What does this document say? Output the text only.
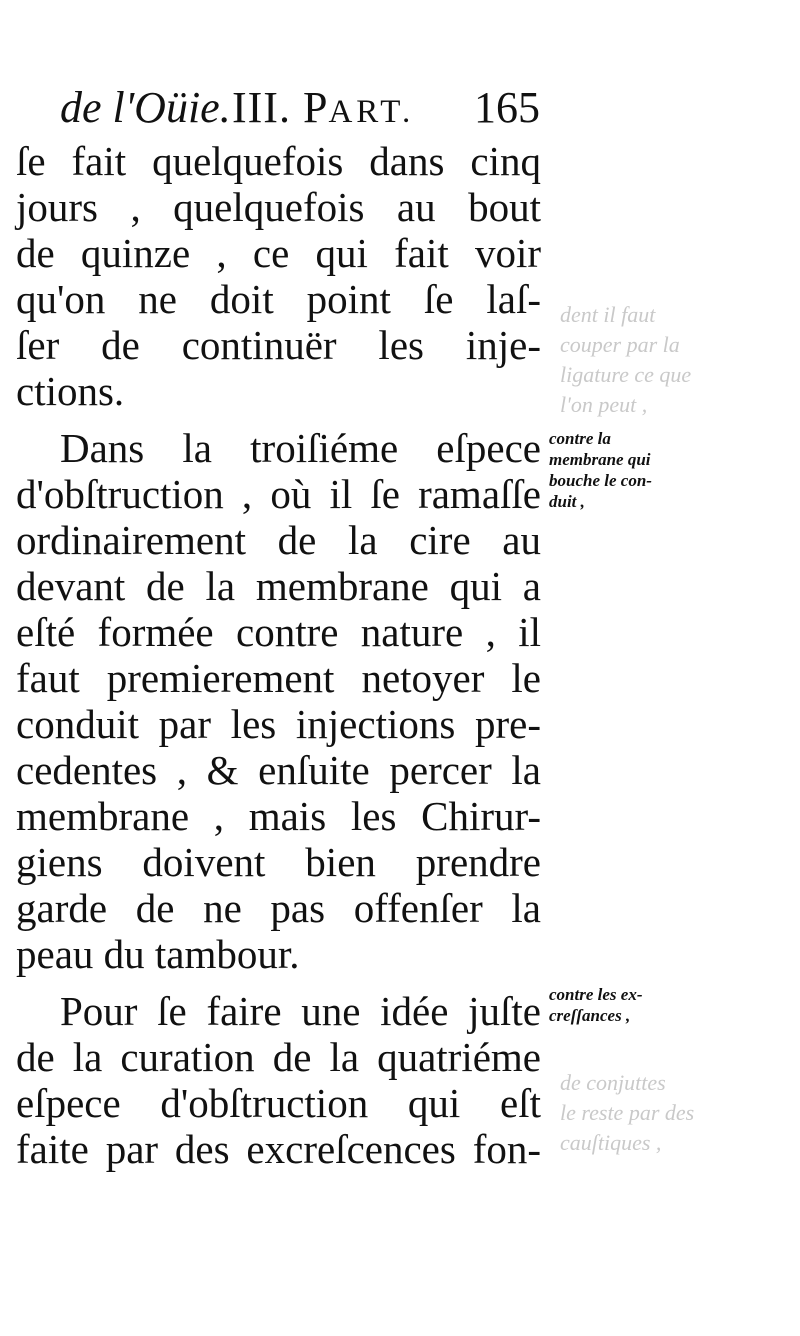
dent il faut
couper par la
ligature ce que
l'on peut ,
de conjuttes
le reste par des
cauſtiques ,
de l'Oüie. III. PART. 165
ſe fait quelquefois dans cinq
jours , quelquefois au bout
de quinze , ce qui fait voir
qu'on ne doit point ſe laſ-
ſer de continuër les inje-
ctions.
Dans la troiſiéme eſpece
d'obſtruction , où il ſe ramaſſe
ordinairement de la cire au
devant de la membrane qui a
eſté formée contre nature , il
faut premierement netoyer le
conduit par les injections pre-
cedentes , & enſuite percer la
membrane , mais les Chirur-
giens doivent bien prendre
garde de ne pas offenſer la
peau du tambour.
Pour ſe faire une idée juſte
de la curation de la quatriéme
eſpece d'obſtruction qui eſt
faite par des excreſcences fon-
contre la
membrane qui
bouche le con-
duit ,
contre les ex-
creſſances ,
